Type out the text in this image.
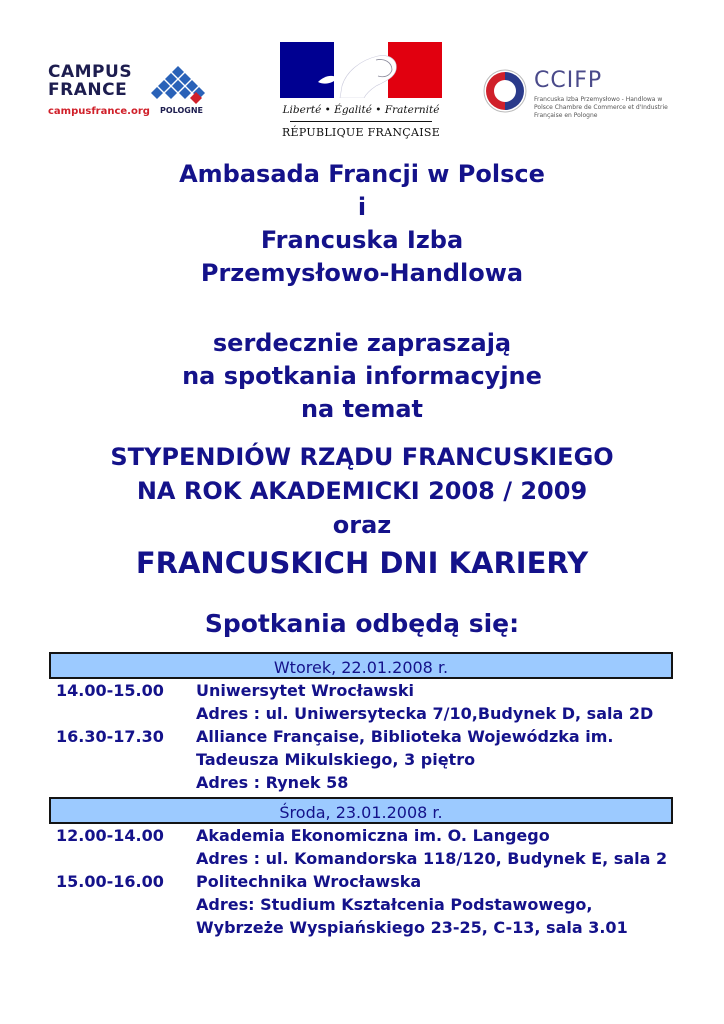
CAMPUS
FRANCE
campusfrance.org POLOGNE	Liberté • Égalité • Fraternité
RÉPUBLIQUE FRANÇAISE
CCIFP
Francuska Izba Przemysłowo - Handlowa w Polsce Chambre de Commerce et d'Industrie Française en Pologne
Ambasada Francji w Polsce
i
Francuska Izba
Przemysłowo-Handlowa
serdecznie zapraszają
na spotkania informacyjne
na temat
STYPENDIÓW RZĄDU FRANCUSKIEGO
NA ROK AKADEMICKI 2008 / 2009
oraz
FRANCUSKICH DNI KARIERY
Spotkania odbędą się:
Wtorek, 22.01.2008 r.
14.00-15.00	Uniwersytet Wrocławski
Adres : ul. Uniwersytecka 7/10,Budynek D, sala 2D
16.30-17.30	Alliance Française, Biblioteka Wojewódzka im.
Tadeusza Mikulskiego, 3 piętro
Adres : Rynek 58
Środa, 23.01.2008 r.
12.00-14.00	Akademia Ekonomiczna im. O. Langego
Adres : ul. Komandorska 118/120, Budynek E, sala 2
15.00-16.00	Politechnika Wrocławska
Adres: Studium Kształcenia Podstawowego,
Wybrzeże Wyspiańskiego 23-25, C-13, sala 3.01
